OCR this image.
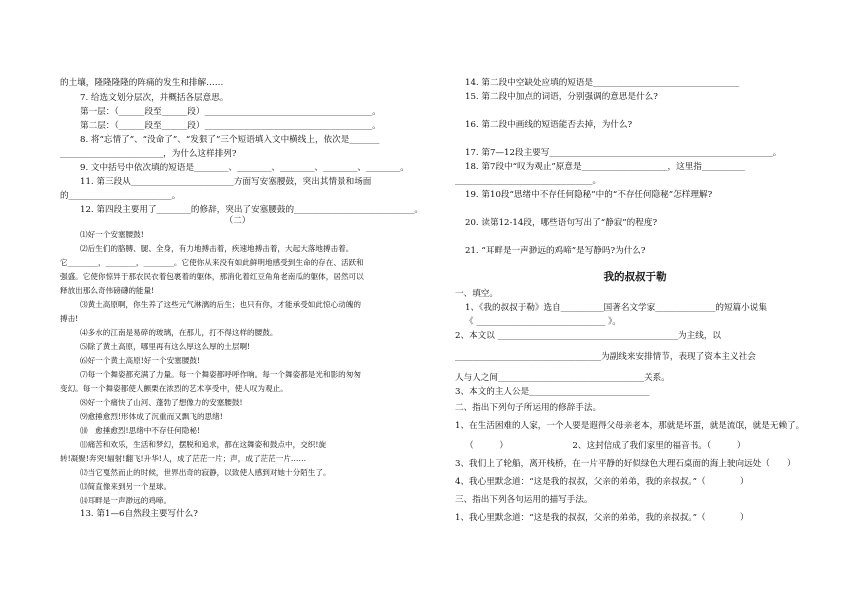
的土壤，隆隆隆隆的阵痛的发生和排解……
7. 给选文划分层次，并概括各层意思。
第一层：（______段至______段）_______________________________________。
第二层：（______段至______段）_______________________________________。
8. 将“忘情了”、“没命了”、“发狠了”三个短语填入文中横线上，依次是_______
________________________，为什么这样排列?
9. 文中括号中依次填的短语是________、________、________、________、________。
11. 第三段从________________________方面写安塞腰鼓，突出其情景和场面
的________________________。
12. 第四段主要用了________的修辞，突出了安塞腰鼓的____________________________。
（二）
⑴好一个安塞腰鼓!
⑵后生们的胳膊、腿、全身，有力地搏击着，疾速地搏击着，大起大落地搏击着。
它________，________，________。它使你从来没有如此鲜明地感受到生命的存在、活跃和
强盛。它使你惊异于那农民衣着包裹着的躯体，那消化着红豆角角老南瓜的躯体，居然可以
释放出那么奇伟磅礴的能量!
⑶黄土高原啊，你生养了这些元气淋漓的后生；也只有你，才能承受如此惊心动魄的
搏击!
⑷多水的江南是易碎的玻璃，在那儿，打不得这样的腰鼓。
⑸除了黄土高原，哪里再有这么厚这么厚的土层啊!
⑹好一个黄土高原!好一个安塞腰鼓!
⑺每一个舞姿都充满了力量。每一个舞姿都呼呼作响。每一个舞姿都是光和影的匆匆
变幻。每一个舞姿都使人颤栗在浓烈的艺术享受中，使人叹为观止。
⑻好一个痛快了山河、蓬勃了想像力的安塞腰鼓!
⑼愈捶愈烈!形体成了沉重而又飘飞的思绪!
⑽　愈捶愈烈!思绪中不存任何隐秘!
⑾痛苦和欢乐，生活和梦幻，摆脱和追求，都在这舞姿和鼓点中，交织!旋
转!凝聚!奔突!辐射!翻飞!升华!人，成了茫茫一片；声，成了茫茫一片……
⑿当它戛然而止的时候，世界出奇的寂静，以致使人感到对她十分陌生了。
⒀简直像来到另一个星球。
⒁耳畔是一声渺远的鸡啼。
13. 第1—6自然段主要写什么?
14. 第二段中空缺处应填的短语是__________________________________
15. 第二段中加点的词语，分别强调的意思是什么?
16. 第二段中画线的短语能否去掉，为什么?
17. 第7—12段主要写____________________________________________________。
18. 第7段中“叹为观止”原意是____________________，这里指__________
________________________________。
19. 第10段“思绪中不存任何隐秘”中的“不存任何隐秘”怎样理解?
20. 读第12-14段，哪些语句写出了“静寂”的程度?
21. “耳畔是一声渺远的鸡啼”是写静吗?为什么?
我的叔叔于勒
一、填空。
1、《我的叔叔于勒》选自__________国著名文学家______________的短篇小说集
《 ______________________________ 》。
2、本文以 __________________________________________为主线，以
__________________________________为副线来安排情节，表现了资本主义社会
人与人之间__________________________________关系。
3、本文的主人公是____________________________
二、指出下列句子所运用的修辞手法。
1、在生活困难的人家，一个人要是遐得父母亲老本，那就是坏蛋，就是流氓，就是无赖了。
（　　　）　　　　　　　　2、这封信成了我们家里的福音书。（　　　）
3、我们上了轮船，离开栈桥，在一片平静的好似绿色大理石桌面的海上驶向远处（　　）
4、我心里默念道：“这是我的叔叔，父亲的弟弟，我的亲叔叔。”（　　　　）
三、指出下列各句运用的描写手法。
1、我心里默念道：“这是我的叔叔，父亲的弟弟，我的亲叔叔。”（　　　　）
